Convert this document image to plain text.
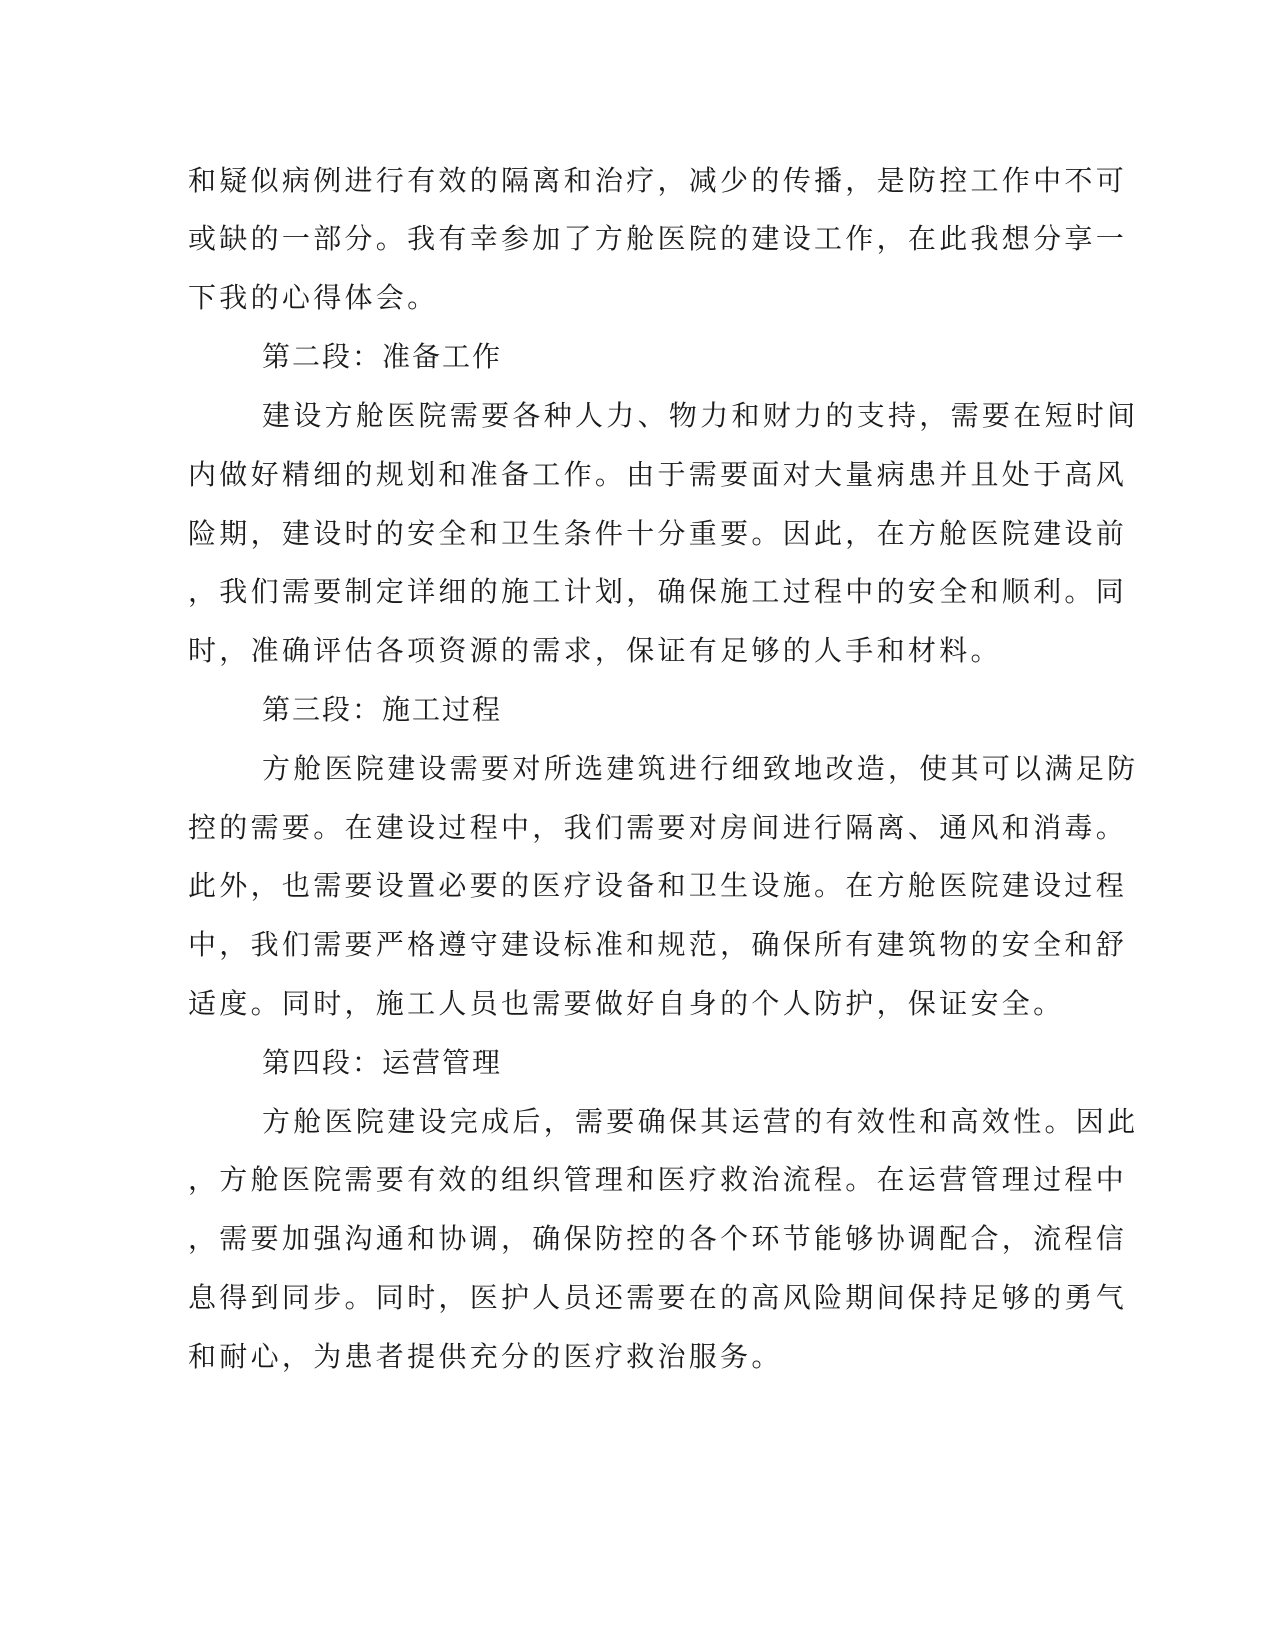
和疑似病例进行有效的隔离和治疗，减少的传播，是防控工作中不可

或缺的一部分。我有幸参加了方舱医院的建设工作，在此我想分享一

下我的心得体会。

第二段：准备工作

建设方舱医院需要各种人力、物力和财力的支持，需要在短时间

内做好精细的规划和准备工作。由于需要面对大量病患并且处于高风

险期，建设时的安全和卫生条件十分重要。因此，在方舱医院建设前

，我们需要制定详细的施工计划，确保施工过程中的安全和顺利。同

时，准确评估各项资源的需求，保证有足够的人手和材料。

第三段：施工过程

方舱医院建设需要对所选建筑进行细致地改造，使其可以满足防

控的需要。在建设过程中，我们需要对房间进行隔离、通风和消毒。

此外，也需要设置必要的医疗设备和卫生设施。在方舱医院建设过程

中，我们需要严格遵守建设标准和规范，确保所有建筑物的安全和舒

适度。同时，施工人员也需要做好自身的个人防护，保证安全。

第四段：运营管理

方舱医院建设完成后，需要确保其运营的有效性和高效性。因此

，方舱医院需要有效的组织管理和医疗救治流程。在运营管理过程中

，需要加强沟通和协调，确保防控的各个环节能够协调配合，流程信

息得到同步。同时，医护人员还需要在的高风险期间保持足够的勇气

和耐心，为患者提供充分的医疗救治服务。
